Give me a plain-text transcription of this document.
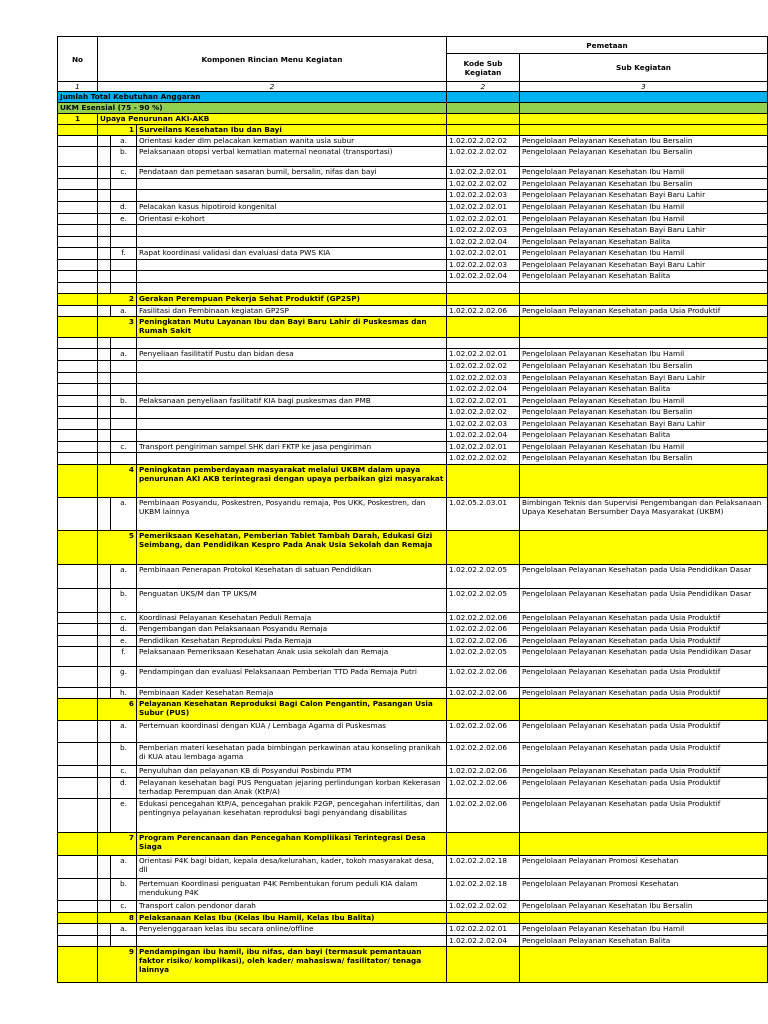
No	Komponen Rincian Menu Kegiatan			Pemetaan	
				Kode Sub Kegiatan	Sub Kegiatan
1	2			2	3
Jumlah Total Kebutuhan Anggaran					
UKM Esensial (75 - 90 %)					
1	Upaya Penurunan AKI-AKB				
	1		Surveilans Kesehatan Ibu dan Bayi		
		a.	Orientasi kader dlm pelacakan kematian wanita usia subur	1.02.02.2.02.02	Pengelolaan Pelayanan Kesehatan Ibu Bersalin
		b.	Pelaksanaan otopsi verbal kematian maternal neonatal (transportasi)	1.02.02.2.02.02	Pengelolaan Pelayanan Kesehatan Ibu Bersalin
		c.	Pendataan dan pemetaan sasaran bumil, bersalin, nifas dan bayi	1.02.02.2.02.01	Pengelolaan Pelayanan Kesehatan Ibu Hamil
				1.02.02.2.02.02	Pengelolaan Pelayanan Kesehatan Ibu Bersalin
				1.02.02.2.02.03	Pengelolaan Pelayanan Kesehatan Bayi Baru Lahir
		d.	Pelacakan kasus hipotiroid kongenital	1.02.02.2.02.01	Pengelolaan Pelayanan Kesehatan Ibu Hamil
		e.	Orientasi e-kohort	1.02.02.2.02.01	Pengelolaan Pelayanan Kesehatan Ibu Hamil
				1.02.02.2.02.03	Pengelolaan Pelayanan Kesehatan Bayi Baru Lahir
				1.02.02.2.02.04	Pengelolaan Pelayanan Kesehatan Balita
		f.	Rapat koordinasi validasi dan evaluasi data PWS KIA	1.02.02.2.02.01	Pengelolaan Pelayanan Kesehatan Ibu Hamil
				1.02.02.2.02.03	Pengelolaan Pelayanan Kesehatan Bayi Baru Lahir
				1.02.02.2.02.04	Pengelolaan Pelayanan Kesehatan Balita

	2		Gerakan Perempuan Pekerja Sehat Produktif (GP2SP)		
		a.	Fasilitasi dan Pembinaan kegiatan GP2SP	1.02.02.2.02.06	Pengelolaan Pelayanan Kesehatan pada Usia Produktif
	3		Peningkatan Mutu Layanan Ibu dan Bayi Baru Lahir di Puskesmas dan Rumah Sakit		

		a.	Penyeliaan fasilitatif Pustu dan bidan desa	1.02.02.2.02.01	Pengelolaan Pelayanan Kesehatan Ibu Hamil
				1.02.02.2.02.02	Pengelolaan Pelayanan Kesehatan Ibu Bersalin
				1.02.02.2.02.03	Pengelolaan Pelayanan Kesehatan Bayi Baru Lahir
				1.02.02.2.02.04	Pengelolaan Pelayanan Kesehatan Balita
		b.	Pelaksanaan penyeliaan fasilitatif KIA bagi puskesmas dan PMB	1.02.02.2.02.01	Pengelolaan Pelayanan Kesehatan Ibu Hamil
				1.02.02.2.02.02	Pengelolaan Pelayanan Kesehatan Ibu Bersalin
				1.02.02.2.02.03	Pengelolaan Pelayanan Kesehatan Bayi Baru Lahir
				1.02.02.2.02.04	Pengelolaan Pelayanan Kesehatan Balita
		c.	Transport pengiriman sampel SHK dari FKTP ke jasa pengiriman	1.02.02.2.02.01	Pengelolaan Pelayanan Kesehatan Ibu Hamil
				1.02.02.2.02.02	Pengelolaan Pelayanan Kesehatan Ibu Bersalin
	4		Peningkatan pemberdayaan masyarakat melalui UKBM dalam upaya penurunan AKI AKB terintegrasi dengan upaya perbaikan gizi masyarakat		
		a.	Pembinaan Posyandu, Poskestren, Posyandu remaja, Pos UKK, Poskestren, dan UKBM lainnya	1.02.05.2.03.01	Bimbingan Teknis dan Supervisi Pengembangan dan Pelaksanaan Upaya Kesehatan Bersumber Daya Masyarakat (UKBM)
	5		Pemeriksaan Kesehatan, Pemberian Tablet Tambah Darah, Edukasi Gizi Seimbang, dan Pendidikan Kespro Pada Anak Usia Sekolah dan Remaja		
		a.	Pembinaan Penerapan Protokol Kesehatan di satuan Pendidikan	1.02.02.2.02.05	Pengelolaan Pelayanan Kesehatan pada Usia Pendidikan Dasar
		b.	Penguatan UKS/M dan TP UKS/M	1.02.02.2.02.05	Pengelolaan Pelayanan Kesehatan pada Usia Pendidikan Dasar
		c.	Koordinasi Pelayanan Kesehatan Peduli Remaja	1.02.02.2.02.06	Pengelolaan Pelayanan Kesehatan pada Usia Produktif
		d.	Pengembangan dan Pelaksanaan Posyandu Remaja	1.02.02.2.02.06	Pengelolaan Pelayanan Kesehatan pada Usia Produktif
		e.	Pendidikan Kesehatan Reproduksi Pada Remaja	1.02.02.2.02.06	Pengelolaan Pelayanan Kesehatan pada Usia Produktif
		f.	Pelaksanaan Pemeriksaan Kesehatan Anak usia sekolah dan Remaja	1.02.02.2.02.05	Pengelolaan Pelayanan Kesehatan pada Usia Pendidikan Dasar
		g.	Pendampingan dan evaluasi Pelaksanaan Pemberian TTD Pada Remaja Putri	1.02.02.2.02.06	Pengelolaan Pelayanan Kesehatan pada Usia Produktif
		h.	Pembinaan Kader Kesehatan Remaja	1.02.02.2.02.06	Pengelolaan Pelayanan Kesehatan pada Usia Produktif
	6		Pelayanan Kesehatan Reproduksi Bagi Calon Pengantin, Pasangan Usia Subur (PUS)		
		a.	Pertemuan koordinasi dengan KUA / Lembaga Agama di Puskesmas	1.02.02.2.02.06	Pengelolaan Pelayanan Kesehatan pada Usia Produktif
		b.	Pemberian materi kesehatan pada bimbingan perkawinan atau konseling pranikah di KUA atau lembaga agama	1.02.02.2.02.06	Pengelolaan Pelayanan Kesehatan pada Usia Produktif
		c.	Penyuluhan dan pelayanan KB di Posyandui Posbindu PTM	1.02.02.2.02.06	Pengelolaan Pelayanan Kesehatan pada Usia Produktif
		d.	Pelayanan kesehatan bagi PUS Penguatan jejaring perlindungan korban Kekerasan terhadap Perempuan dan Anak (KtP/A)	1.02.02.2.02.06	Pengelolaan Pelayanan Kesehatan pada Usia Produktif
		e.	Edukasi pencegahan KtP/A, pencegahan prakik P2GP, pencegahan infertilitas, dan pentingnya pelayanan kesehatan reproduksi bagi penyandang disabilitas	1.02.02.2.02.06	Pengelolaan Pelayanan Kesehatan pada Usia Produktif
	7		Program Perencanaan dan Pencegahan Kompliikasi Terintegrasi Desa Siaga		
		a.	Orientasi P4K bagi bidan, kepala desa/kelurahan, kader, tokoh masyarakat desa, dll	1.02.02.2.02.18	Pengelolaan Pelayanan Promosi Kesehatan
		b.	Pertemuan Koordinasi penguatan P4K Pembentukan forum peduli KIA dalam mendukung P4K	1.02.02.2.02.18	Pengelolaan Pelayanan Promosi Kesehatan
		c.	Transport calon pendonor darah	1.02.02.2.02.02	Pengelolaan Pelayanan Kesehatan Ibu Bersalin
	8		Pelaksanaan Kelas Ibu (Kelas Ibu Hamil, Kelas Ibu Balita)		
		a.	Penyelenggaraan kelas ibu secara online/offline	1.02.02.2.02.01	Pengelolaan Pelayanan Kesehatan Ibu Hamil
				1.02.02.2.02.04	Pengelolaan Pelayanan Kesehatan Balita
	9		Pendampingan ibu hamil, ibu nifas, dan bayi (termasuk pemantauan faktor risiko/ komplikasi), oleh kader/ mahasiswa/ fasilitator/ tenaga lainnya		
